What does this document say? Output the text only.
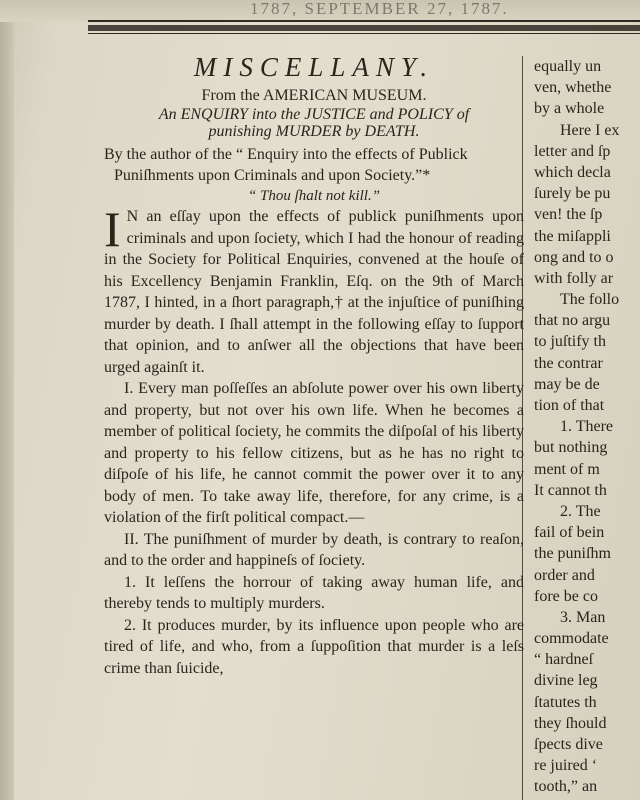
1787, SEPTEMBER 27, 1787.
MISCELLANY.
From the AMERICAN MUSEUM.
An ENQUIRY into the JUSTICE and POLICY of
punishing MURDER by DEATH.
By the author of the “ Enquiry into the effects of Publick Puniſhments upon Criminals and upon Society.”*
“ Thou ſhalt not kill.”

I N an eſſay upon the effects of publick puniſhments upon criminals and upon ſociety, which I had the honour of reading in the Society for Political Enquiries, convened at the houſe of his Excellency Benjamin Franklin, Eſq. on the 9th of March 1787, I hinted, in a ſhort paragraph,† at the injuſtice of puniſhing murder by death. I ſhall attempt in the following eſſay to ſupport that opinion, and to anſwer all the objections that have been urged againſt it.

I. Every man poſſeſſes an abſolute power over his own liberty and property, but not over his own life. When he becomes a member of political ſociety, he commits the diſpoſal of his liberty and property to his fellow citizens, but as he has no right to diſpoſe of his life, he cannot commit the power over it to any body of men. To take away life, therefore, for any crime, is a violation of the firſt political compact.—

II. The puniſhment of murder by death, is contrary to reaſon, and to the order and happineſs of ſociety.

1. It leſſens the horrour of taking away human life, and thereby tends to multiply murders.

2. It produces murder, by its influence upon people who are tired of life, and who, from a ſuppoſition that murder is a leſs crime than ſuicide,

equally un
ven, whethe
by a whole
Here I ex
letter and ſp
which decla
ſurely be pu
ven! the ſp
the miſappli
ong and to o
with folly ar
The follo
that no argu
to juſtify th
the contrar
may be de
tion of that
1. There
but nothing
ment of m
It cannot th
2. The
fail of bein
the puniſhm
order and
fore be co
3. Man
commodate
“ hardneſ
divine leg
ſtatutes th
they ſhould
ſpects dive
re juired ‘
tooth,” an
